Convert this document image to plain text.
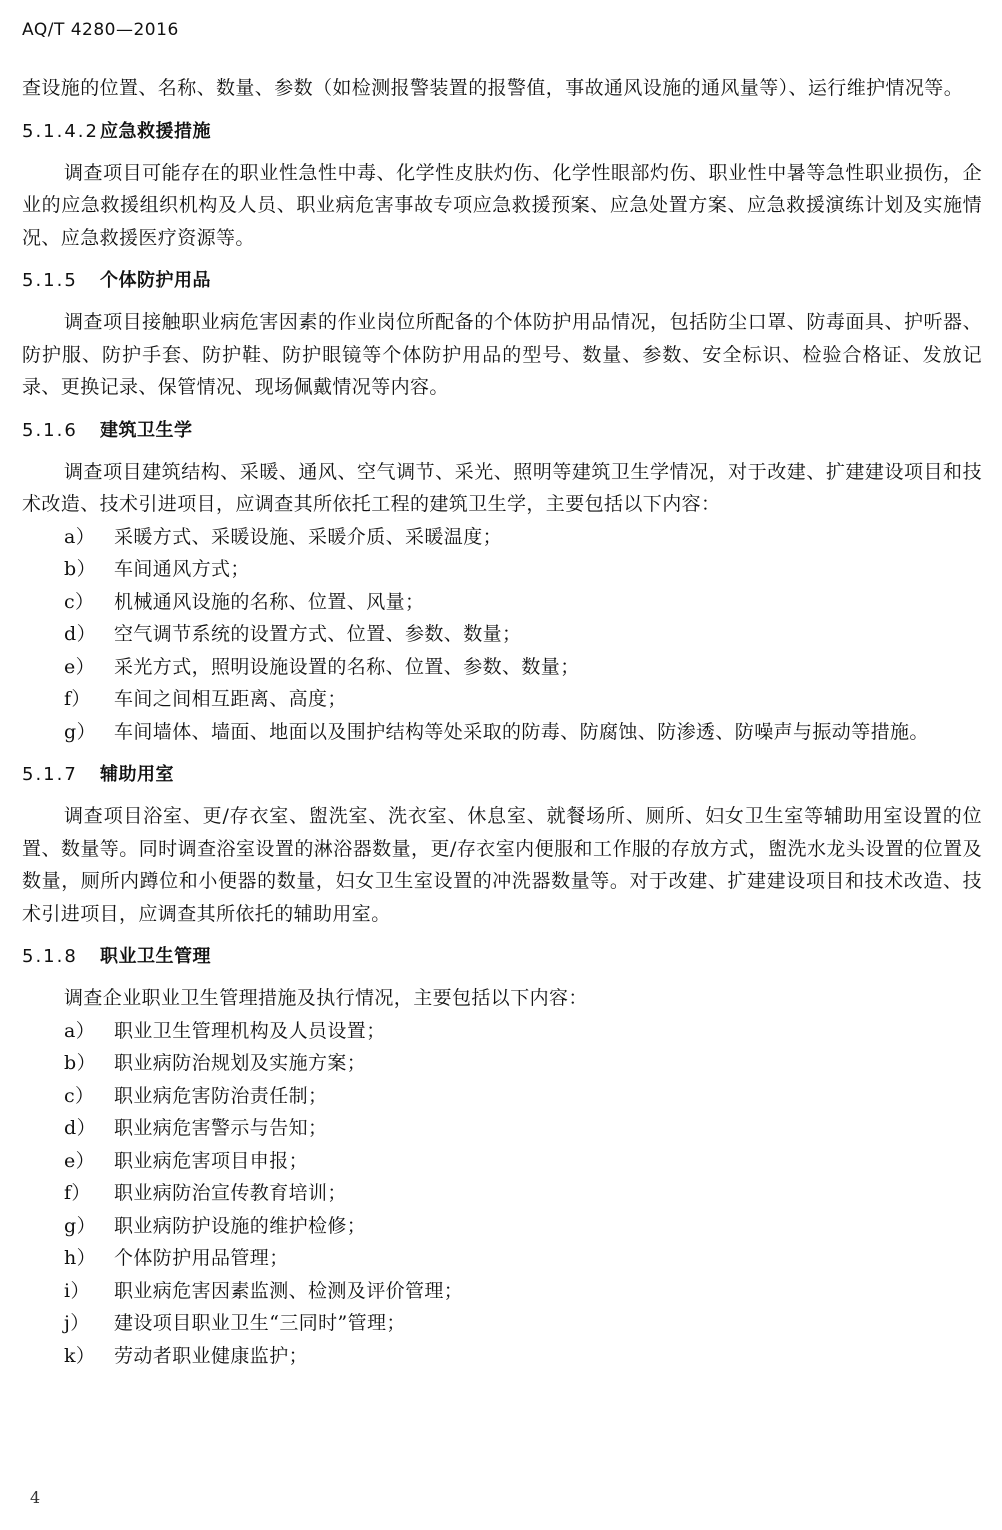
AQ/T 4280—2016

查设施的位置、名称、数量、参数（如检测报警装置的报警值，事故通风设施的通风量等）、运行维护情况等。

5.1.4.2应急救援措施

调查项目可能存在的职业性急性中毒、化学性皮肤灼伤、化学性眼部灼伤、职业性中暑等急性职业损伤，企业的应急救援组织机构及人员、职业病危害事故专项应急救援预案、应急处置方案、应急救援演练计划及实施情况、应急救援医疗资源等。

5.1.5 个体防护用品

调查项目接触职业病危害因素的作业岗位所配备的个体防护用品情况，包括防尘口罩、防毒面具、护听器、防护服、防护手套、防护鞋、防护眼镜等个体防护用品的型号、数量、参数、安全标识、检验合格证、发放记录、更换记录、保管情况、现场佩戴情况等内容。

5.1.6 建筑卫生学

调查项目建筑结构、采暖、通风、空气调节、采光、照明等建筑卫生学情况，对于改建、扩建建设项目和技术改造、技术引进项目，应调查其所依托工程的建筑卫生学，主要包括以下内容：

a） 采暖方式、采暖设施、采暖介质、采暖温度；
b） 车间通风方式；
c） 机械通风设施的名称、位置、风量；
d） 空气调节系统的设置方式、位置、参数、数量；
e） 采光方式，照明设施设置的名称、位置、参数、数量；
f） 车间之间相互距离、高度；
g） 车间墙体、墙面、地面以及围护结构等处采取的防毒、防腐蚀、防渗透、防噪声与振动等措施。
5.1.7 辅助用室

调查项目浴室、更/存衣室、盥洗室、洗衣室、休息室、就餐场所、厕所、妇女卫生室等辅助用室设置的位置、数量等。同时调查浴室设置的淋浴器数量，更/存衣室内便服和工作服的存放方式，盥洗水龙头设置的位置及数量，厕所内蹲位和小便器的数量，妇女卫生室设置的冲洗器数量等。对于改建、扩建建设项目和技术改造、技术引进项目，应调查其所依托的辅助用室。

5.1.8 职业卫生管理

调查企业职业卫生管理措施及执行情况，主要包括以下内容：

a） 职业卫生管理机构及人员设置；
b） 职业病防治规划及实施方案；
c） 职业病危害防治责任制；
d） 职业病危害警示与告知；
e） 职业病危害项目申报；
f） 职业病防治宣传教育培训；
g） 职业病防护设施的维护检修；
h） 个体防护用品管理；
i） 职业病危害因素监测、检测及评价管理；
j） 建设项目职业卫生“三同时”管理；
k） 劳动者职业健康监护；
4
